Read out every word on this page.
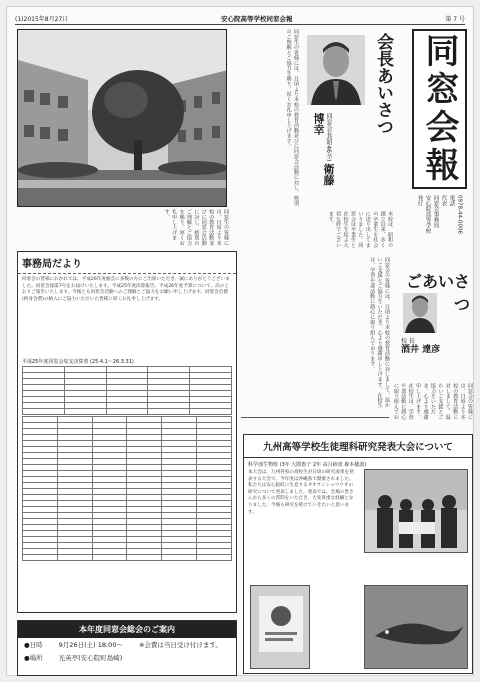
(1)2015年8月27日	安心院高等学校同窓会報	第 7 号
同窓生の皆様には、日頃より本校の教育活動並びに同窓会活動に対し、格別のご理解とご協力を賜り、厚くお礼申し上げます。
本校は、昭和の創立以来、多くの卒業生を社会に送り出してまいりました。同窓会は卒業生と在校生を結ぶ大切な絆でございます。
同窓生の皆様には、日頃より本校の教育活動並びに同窓会活動に対し、格別のご理解とご協力を賜り、厚くお礼申し上げます。
会長あいさつ
同窓会長(昭46卒) 衛藤 博幸	同窓会報
発行 安心院高等学校 同窓会事務局 代表 電話 0978-44-0006
同窓会の皆様には、日頃より本校の教育活動に対しまして、温かいご支援とご協力をいただき、心より感謝申し上げます。在校生は、学習や部活動に熱心に取り組んでおります。	ごあいさつ
校 長
酒井 達彦
同窓会の皆様には、日頃より本校の教育活動に対しまして、温かいご支援とご協力をいただき、心より感謝申し上げます。在校生は、学習や部活動に熱心に取り組んでお
事務局だより
同窓会の皆様におかれては、平成26年度総会に多数の方にご出席いただき、誠にありがとうございました。同窓会報第7号をお届けいたします。平成25年度決算報告、平成26年度予算について、次のとおりご報告いたします。今後とも同窓会活動へのご理解とご協力をお願い申し上げます。同窓会会費(終身会費)の納入にご協力いただいた皆様に厚くお礼申し上げます。
平成25年度同窓会収支決算書 (25.4.1〜26.3.31)

本年度同窓会総会のご案内
●日時 9月26日(土) 18:00〜 ※会費は当日受け付けます。
●場所 光英亭(安心院町島崎)
九州高等学校生徒理科研究発表大会について
科学部生物班 (3年 大隈惠子 2年 高月紗恵 森本穂波)
本大会は、九州各県の高校生が日頃の研究成果を発表する大会で、今年度は沖縄県で開催されました。私たちは安心院町に生息するオオサンショウウオの研究について発表しました。発表では、会場の皆さんから多くの質問をいただき、大変貴重な経験となりました。今後も研究を続けていきたいと思います。
